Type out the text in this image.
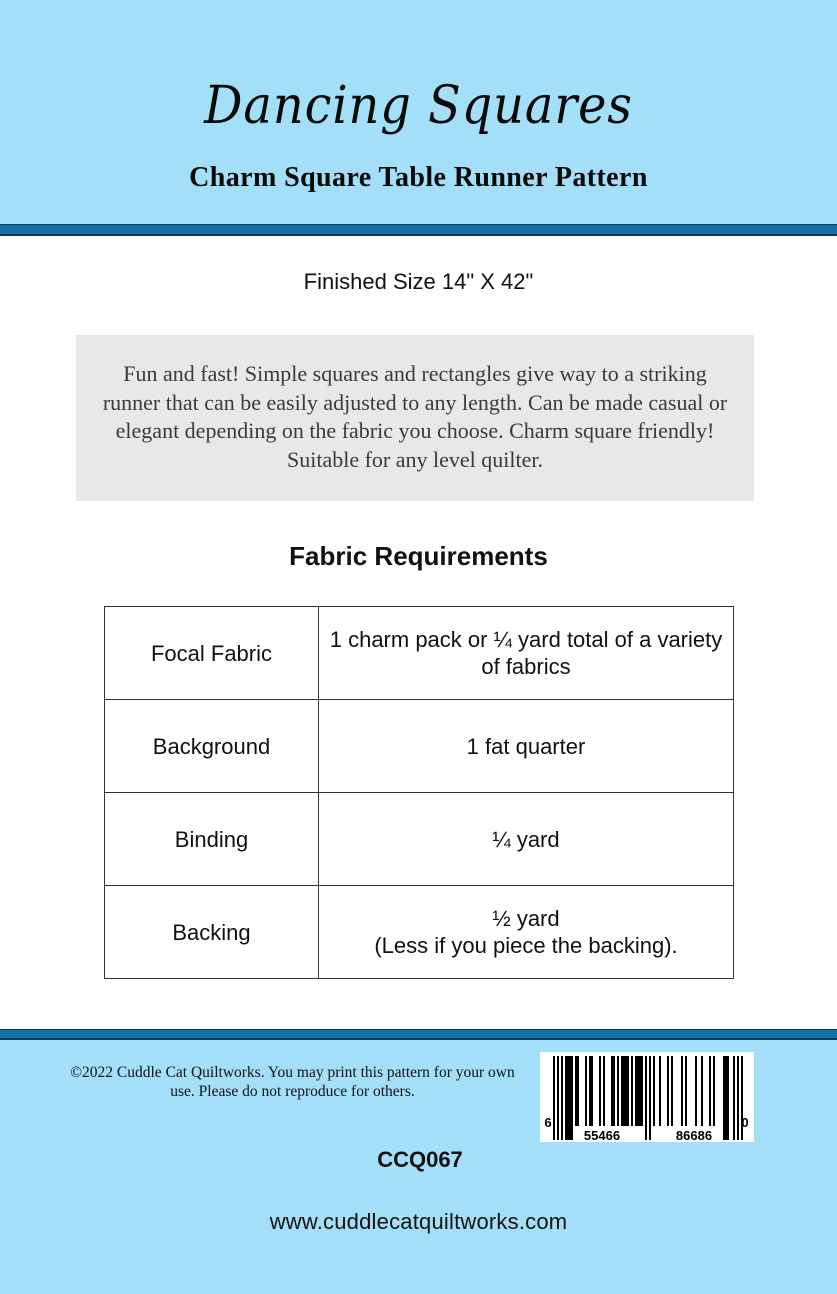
Dancing Squares
Charm Square Table Runner Pattern
Finished Size 14" X 42"
Fun and fast! Simple squares and rectangles give way to a striking runner that can be easily adjusted to any length. Can be made casual or elegant depending on the fabric you choose. Charm square friendly! Suitable for any level quilter.
Fabric Requirements
Focal Fabric	1 charm pack or ¼ yard total of a variety of fabrics
Background	1 fat quarter
Binding	¼ yard
Backing	½ yard
(Less if you piece the backing).
©2022 Cuddle Cat Quiltworks. You may print this pattern for your own use. Please do not reproduce for others.
6
55466	86686
0
CCQ067
www.cuddlecatquiltworks.com
